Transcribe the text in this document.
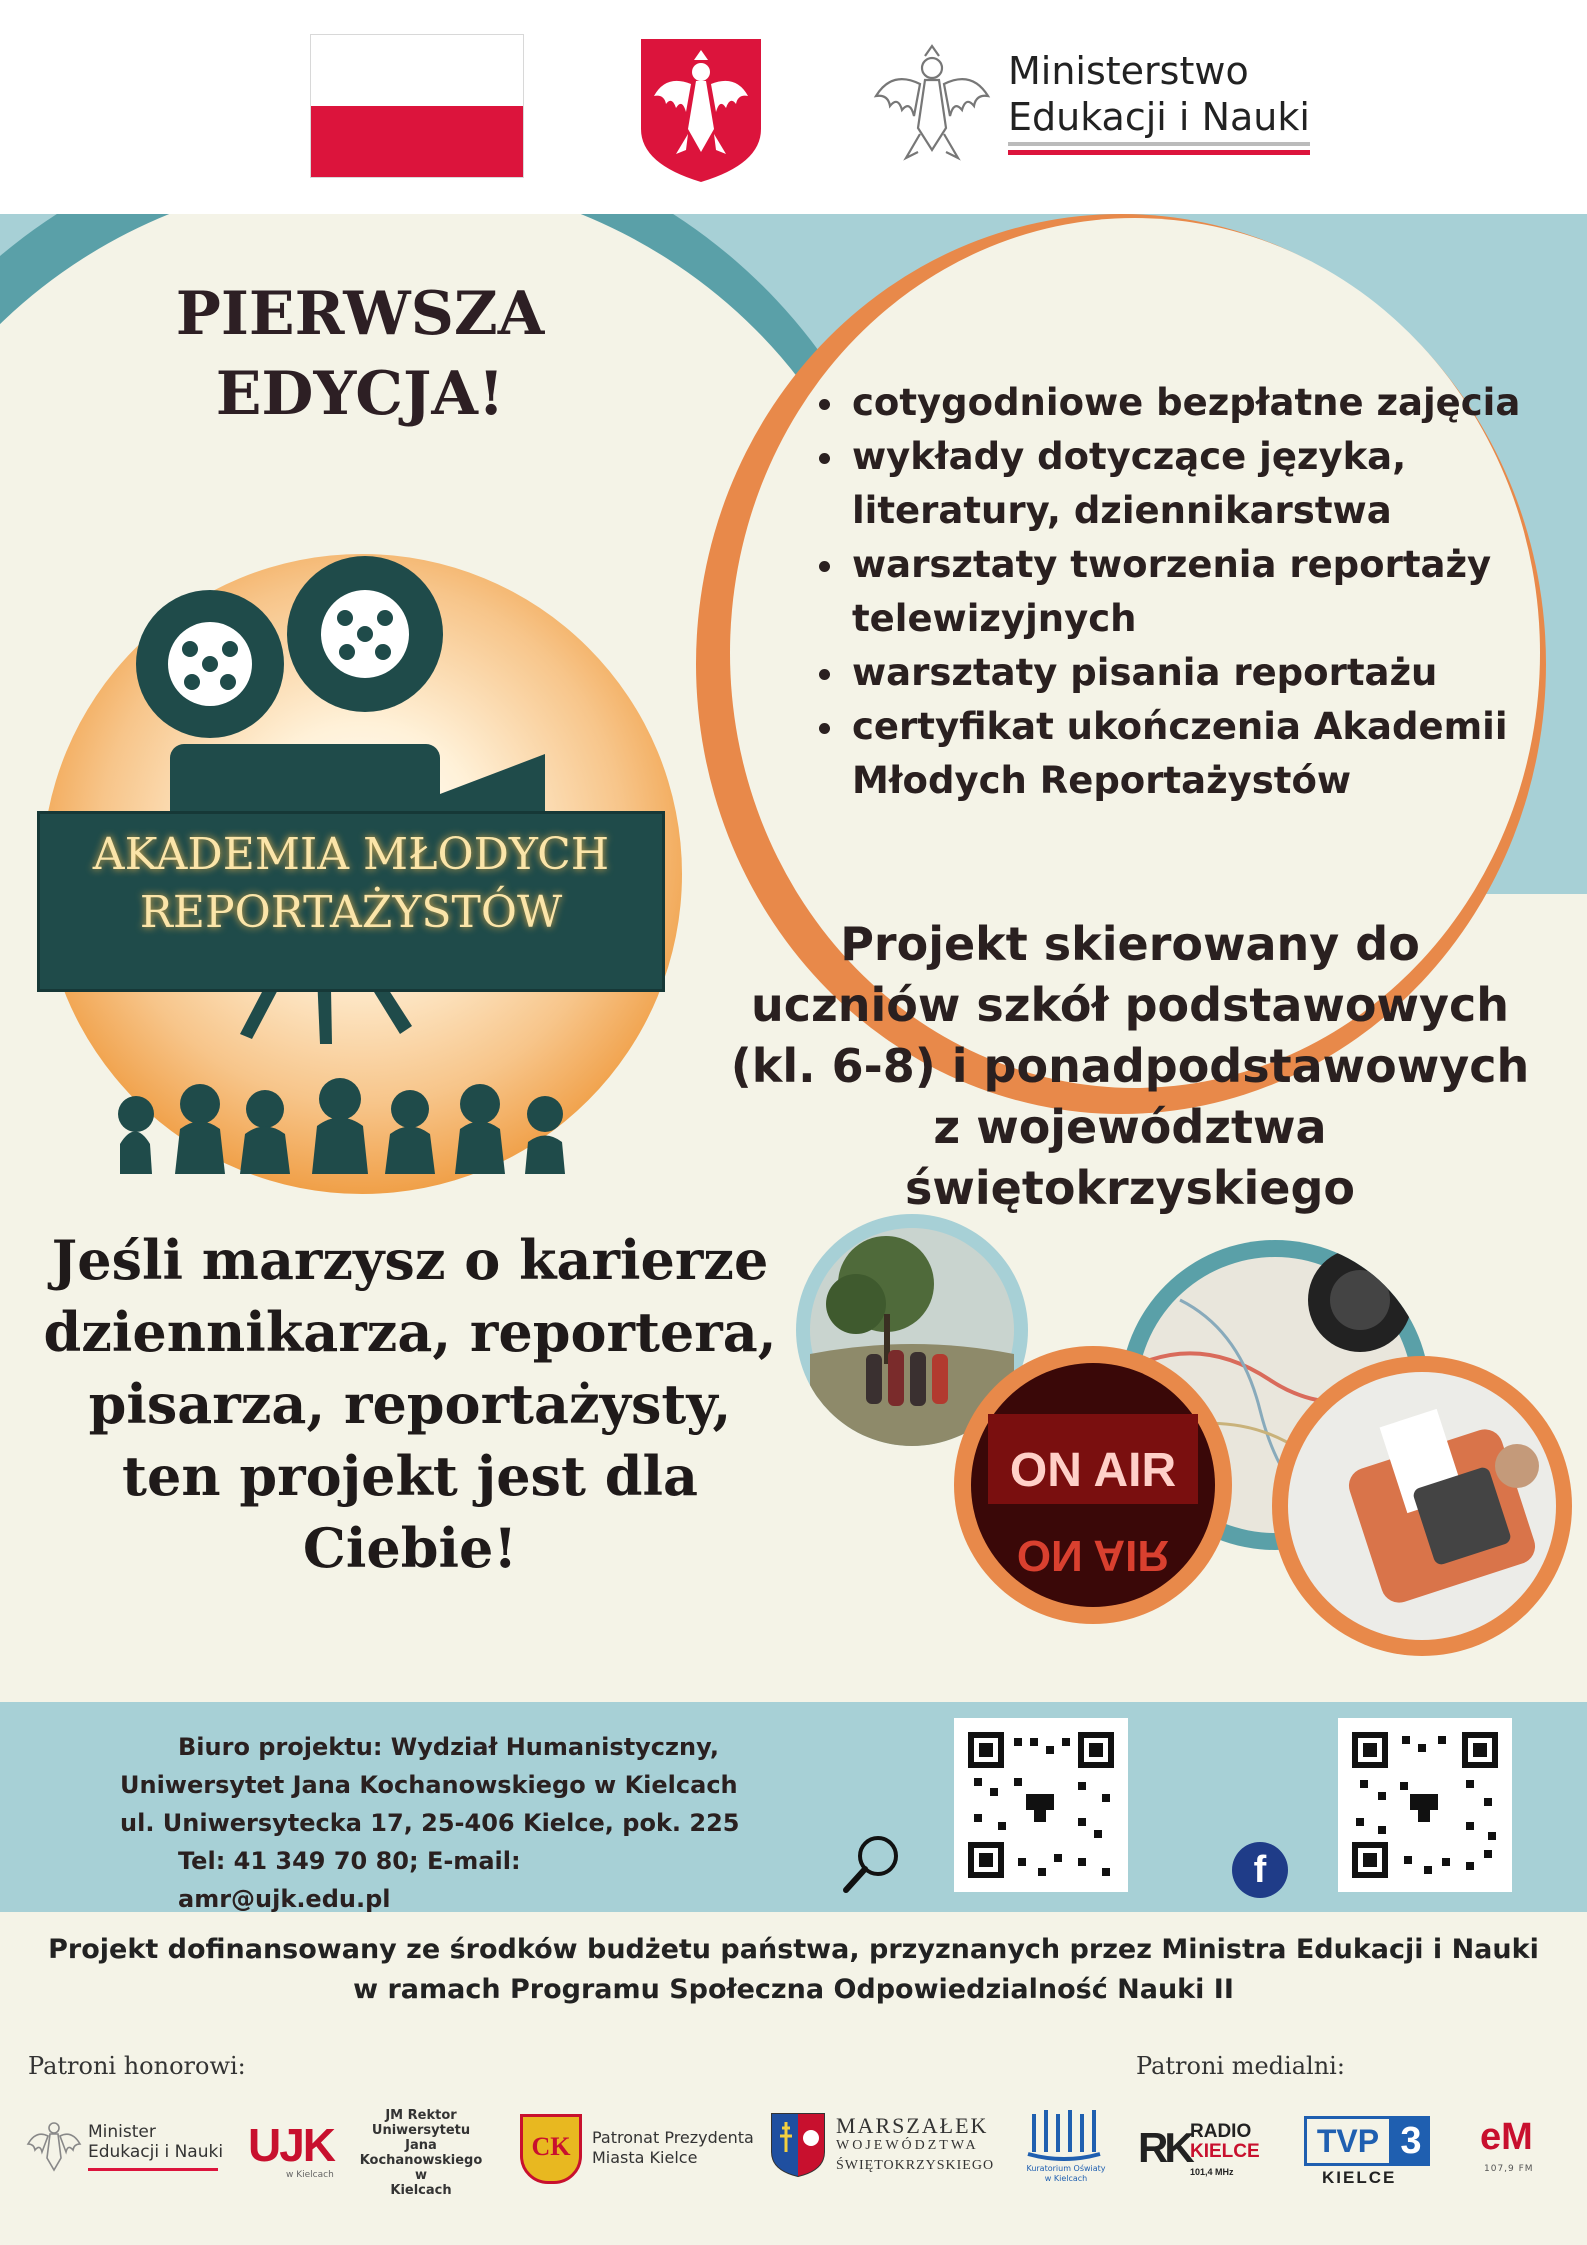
Ministerstwo
Edukacji i Nauki
PIERWSZA
EDYCJA!
AKADEMIA MŁODYCH
REPORTAŻYSTÓW
• cotygodniowe bezpłatne zajęcia
• wykłady dotyczące języka, literatury, dziennikarstwa
• warsztaty tworzenia reportaży telewizyjnych
• warsztaty pisania reportażu
• certyfikat ukończenia Akademii Młodych Reportażystów
Projekt skierowany do
uczniów szkół podstawowych
(kl. 6-8) i ponadpodstawowych
z województwa
świętokrzyskiego
Jeśli marzysz o karierze
dziennikarza, reportera,
pisarza, reportażysty,
ten projekt jest dla Ciebie!
ON AIR
ON AIR
Biuro projektu: Wydział Humanistyczny,
Uniwersytet Jana Kochanowskiego w Kielcach
ul. Uniwersytecka 17, 25-406 Kielce, pok. 225
Tel: 41 349 70 80; E-mail: amr@ujk.edu.pl
f
Projekt dofinansowany ze środków budżetu państwa, przyznanych przez Ministra Edukacji i Nauki
w ramach Programu Społeczna Odpowiedzialność Nauki II
Patroni honorowi:	Patroni medialni:
Minister
Edukacji i Nauki UJK
w Kielcach
JM Rektor
Uniwersytetu Jana
Kochanowskiego w
Kielcach
CK	Patronat Prezydenta
Miasta Kielce
MARSZAŁEK
WOJEWÓDZTWA
ŚWIĘTOKRZYSKIEGO	Kuratorium Oświaty
w Kielcach
RK RADIO
KIELCE
101,4 MHz
TVP 3
KIELCE
eM
107,9 FM
